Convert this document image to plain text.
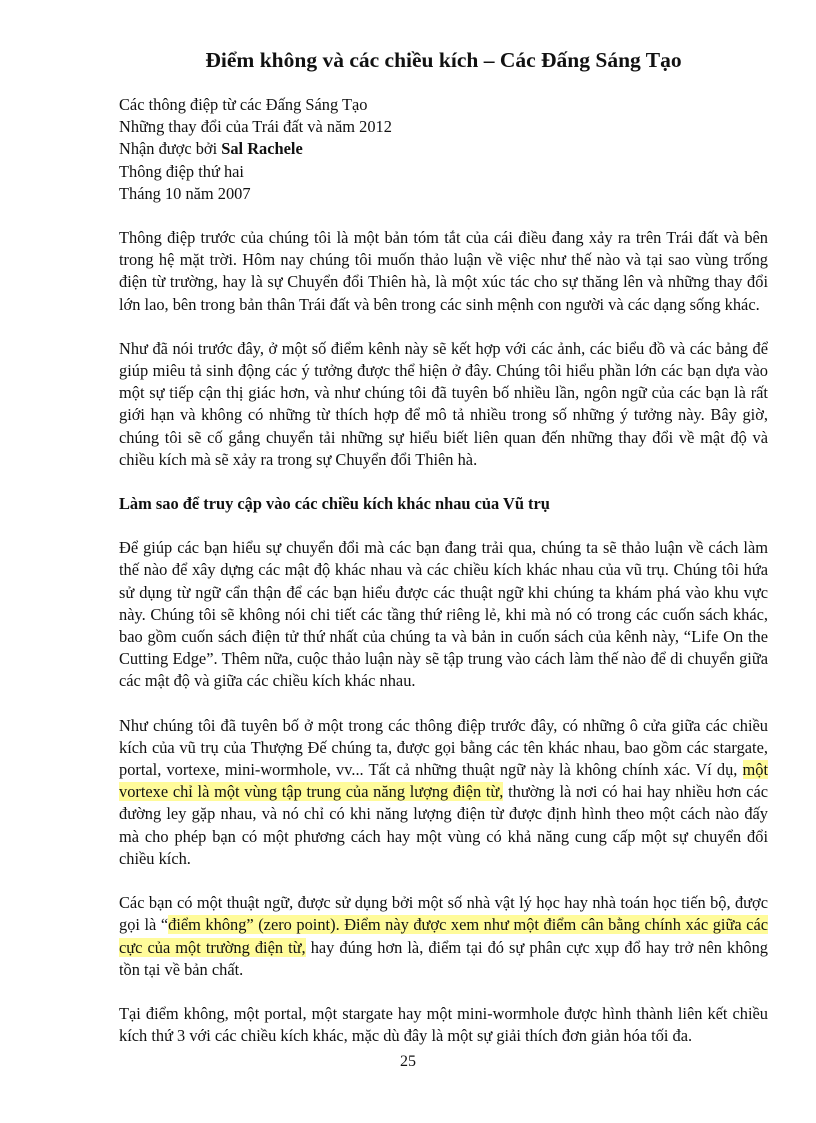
Điểm không và các chiều kích – Các Đấng Sáng Tạo
Các thông điệp từ các Đấng Sáng Tạo
Những thay đổi của Trái đất và năm 2012
Nhận được bởi Sal Rachele
Thông điệp thứ hai
Tháng 10 năm 2007

Thông điệp trước của chúng tôi là một bản tóm tắt của cái điều đang xảy ra trên Trái đất và bên trong hệ mặt trời. Hôm nay chúng tôi muốn thảo luận về việc như thế nào và tại sao vùng trống điện từ trường, hay là sự Chuyển đổi Thiên hà, là một xúc tác cho sự thăng lên và những thay đổi lớn lao, bên trong bản thân Trái đất và bên trong các sinh mệnh con người và các dạng sống khác.

Như đã nói trước đây, ở một số điểm kênh này sẽ kết hợp với các ảnh, các biểu đồ và các bảng để giúp miêu tả sinh động các ý tưởng được thể hiện ở đây. Chúng tôi hiểu phần lớn các bạn dựa vào một sự tiếp cận thị giác hơn, và như chúng tôi đã tuyên bố nhiều lần, ngôn ngữ của các bạn là rất giới hạn và không có những từ thích hợp để mô tả nhiều trong số những ý tưởng này. Bây giờ, chúng tôi sẽ cố gắng chuyển tải những sự hiểu biết liên quan đến những thay đổi về mật độ và chiều kích mà sẽ xảy ra trong sự Chuyển đổi Thiên hà.

Làm sao để truy cập vào các chiều kích khác nhau của Vũ trụ

Để giúp các bạn hiểu sự chuyển đổi mà các bạn đang trải qua, chúng ta sẽ thảo luận về cách làm thế nào để xây dựng các mật độ khác nhau và các chiều kích khác nhau của vũ trụ. Chúng tôi hứa sử dụng từ ngữ cẩn thận để các bạn hiểu được các thuật ngữ khi chúng ta khám phá vào khu vực này. Chúng tôi sẽ không nói chi tiết các tầng thứ riêng lẻ, khi mà nó có trong các cuốn sách khác, bao gồm cuốn sách điện tử thứ nhất của chúng ta và bản in cuốn sách của kênh này, “Life On the Cutting Edge”. Thêm nữa, cuộc thảo luận này sẽ tập trung vào cách làm thế nào để di chuyển giữa các mật độ và giữa các chiều kích khác nhau.

Như chúng tôi đã tuyên bố ở một trong các thông điệp trước đây, có những ô cửa giữa các chiều kích của vũ trụ của Thượng Đế chúng ta, được gọi bằng các tên khác nhau, bao gồm các stargate, portal, vortexe, mini-wormhole, vv... Tất cả những thuật ngữ này là không chính xác. Ví dụ, một vortexe chỉ là một vùng tập trung của năng lượng điện từ, thường là nơi có hai hay nhiều hơn các đường ley gặp nhau, và nó chỉ có khi năng lượng điện từ được định hình theo một cách nào đấy mà cho phép bạn có một phương cách hay một vùng có khả năng cung cấp một sự chuyển đổi chiều kích.

Các bạn có một thuật ngữ, được sử dụng bởi một số nhà vật lý học hay nhà toán học tiến bộ, được gọi là “điểm không” (zero point). Điểm này được xem như một điểm cân bằng chính xác giữa các cực của một trường điện từ, hay đúng hơn là, điểm tại đó sự phân cực xụp đổ hay trở nên không tồn tại về bản chất.

Tại điểm không, một portal, một stargate hay một mini-wormhole được hình thành liên kết chiều kích thứ 3 với các chiều kích khác, mặc dù đây là một sự giải thích đơn giản hóa tối đa.

25
